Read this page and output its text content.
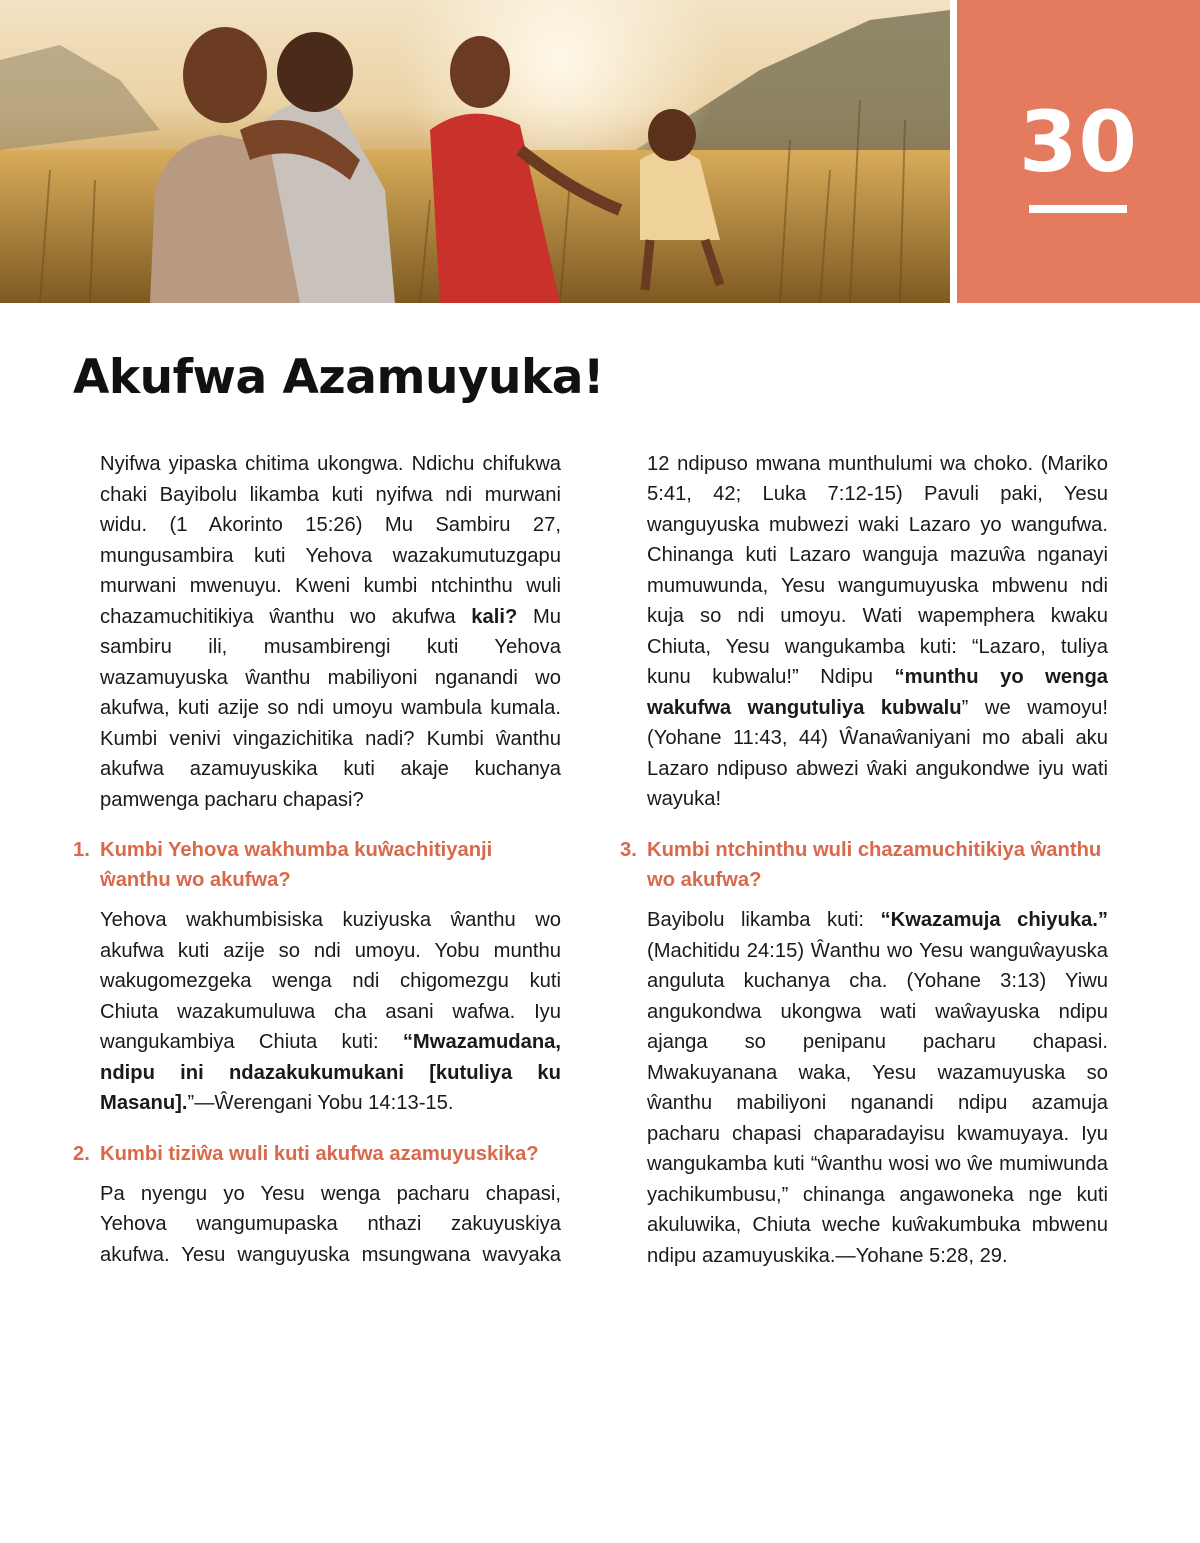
30
Akufwa Azamuyuka!

Nyifwa yipaska chitima ukongwa. Ndichu chifukwa chaki Bayibolu likamba kuti nyifwa ndi murwani widu. (1 Akorinto 15:26) Mu Sambiru 27, mungusambira kuti Yehova wazakumutuzgapu murwani mwenuyu. Kweni kumbi ntchinthu wuli chazamuchitikiya ŵanthu wo akufwa kali? Mu sambiru ili, musambirengi kuti Yehova wazamuyuska ŵanthu mabiliyoni nganandi wo akufwa, kuti azije so ndi umoyu wambula kumala. Kumbi venivi vingazichitika nadi? Kumbi ŵanthu akufwa azamuyuskika kuti akaje kuchanya pamwenga pacharu chapasi?

1. Kumbi Yehova wakhumba kuŵachitiyanji ŵanthu wo akufwa?

Yehova wakhumbisiska kuziyuska ŵanthu wo akufwa kuti azije so ndi umoyu. Yobu munthu wakugomezgeka wenga ndi chigomezgu kuti Chiuta wazakumuluwa cha asani wafwa. Iyu wangukambiya Chiuta kuti: “Mwazamudana, ndipu ini ndazakukumukani [kutuliya ku Masanu].”—Ŵerengani Yobu 14:13-15.

2. Kumbi tiziŵa wuli kuti akufwa azamuyuskika?

Pa nyengu yo Yesu wenga pacharu chapasi, Yehova wangumupaska nthazi zakuyuskiya akufwa. Yesu wanguyuska msungwana wavyaka

12 ndipuso mwana munthulumi wa choko. (Mariko 5:41, 42; Luka 7:12-15) Pavuli paki, Yesu wanguyuska mubwezi waki Lazaro yo wangufwa. Chinanga kuti Lazaro wanguja mazuŵa nganayi mumuwunda, Yesu wangumuyuska mbwenu ndi kuja so ndi umoyu. Wati wapemphera kwaku Chiuta, Yesu wangukamba kuti: “Lazaro, tuliya kunu kubwalu!” Ndipu “munthu yo wenga wakufwa wangutuliya kubwalu” we wamoyu! (Yohane 11:43, 44) Ŵanaŵaniyani mo abali aku Lazaro ndipuso abwezi ŵaki angukondwe iyu wati wayuka!

3. Kumbi ntchinthu wuli chazamuchitikiya ŵanthu wo akufwa?

Bayibolu likamba kuti: “Kwazamuja chiyuka.” (Machitidu 24:15) Ŵanthu wo Yesu wanguŵayuska anguluta kuchanya cha. (Yohane 3:13) Yiwu angukondwa ukongwa wati waŵayuska ndipu ajanga so penipanu pacharu chapasi. Mwakuyanana waka, Yesu wazamuyuska so ŵanthu mabiliyoni nganandi ndipu azamuja pacharu chapasi chaparadayisu kwamuyaya. Iyu wangukamba kuti “ŵanthu wosi wo ŵe mumiwunda yachikumbusu,” chinanga angawoneka nge kuti akuluwika, Chiuta weche kuŵakumbuka mbwenu ndipu azamuyuskika.—Yohane 5:28, 29.
